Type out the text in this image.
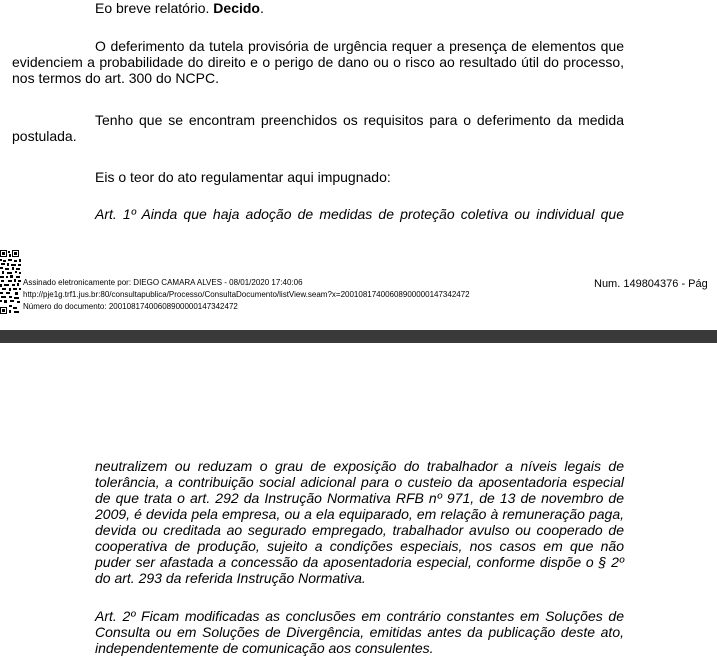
Eo breve relatório. Decido.
O deferimento da tutela provisória de urgência requer a presença de elementos que evidenciem a probabilidade do direito e o perigo de dano ou o risco ao resultado útil do processo, nos termos do art. 300 do NCPC.
Tenho que se encontram preenchidos os requisitos para o deferimento da medida postulada.
Eis o teor do ato regulamentar aqui impugnado:
Art. 1º Ainda que haja adoção de medidas de proteção coletiva ou individual que
Assinado eletronicamente por: DIEGO CAMARA ALVES - 08/01/2020 17:40:06
http://pje1g.trf1.jus.br:80/consultapublica/Processo/ConsultaDocumento/listView.seam?x=20010817400608900000147342472
Número do documento: 20010817400608900000147342472
Num. 149804376 - Pág
neutralizem ou reduzam o grau de exposição do trabalhador a níveis legais de tolerância, a contribuição social adicional para o custeio da aposentadoria especial de que trata o art. 292 da Instrução Normativa RFB nº 971, de 13 de novembro de 2009, é devida pela empresa, ou a ela equiparado, em relação à remuneração paga, devida ou creditada ao segurado empregado, trabalhador avulso ou cooperado de cooperativa de produção, sujeito a condições especiais, nos casos em que não puder ser afastada a concessão da aposentadoria especial, conforme dispõe o § 2º do art. 293 da referida Instrução Normativa.
Art. 2º Ficam modificadas as conclusões em contrário constantes em Soluções de Consulta ou em Soluções de Divergência, emitidas antes da publicação deste ato, independentemente de comunicação aos consulentes.
